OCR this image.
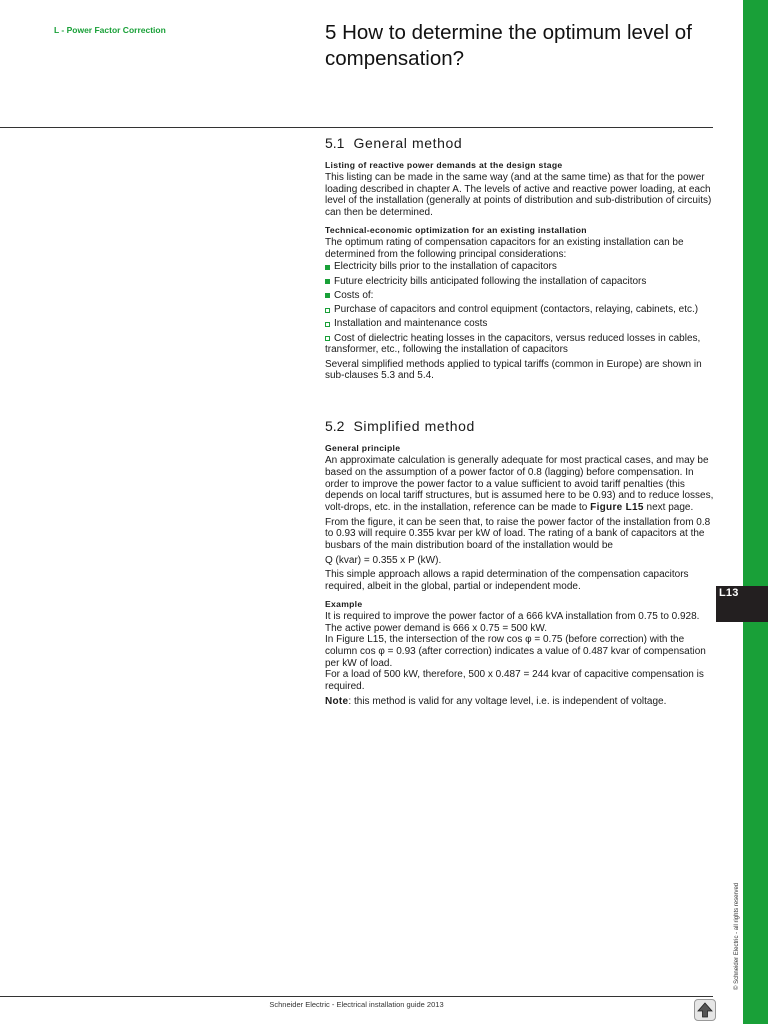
L13
L - Power Factor Correction	5 How to determine the optimum level of compensation?
5.1 General method
Listing of reactive power demands at the design stage

This listing can be made in the same way (and at the same time) as that for the power loading described in chapter A. The levels of active and reactive power loading, at each level of the installation (generally at points of distribution and sub-distribution of circuits) can then be determined.

Technical-economic optimization for an existing installation

The optimum rating of compensation capacitors for an existing installation can be determined from the following principal considerations:

Electricity bills prior to the installation of capacitors
Future electricity bills anticipated following the installation of capacitors
Costs of:
Purchase of capacitors and control equipment (contactors, relaying, cabinets, etc.)
Installation and maintenance costs
Cost of dielectric heating losses in the capacitors, versus reduced losses in cables, transformer, etc., following the installation of capacitors

Several simplified methods applied to typical tariffs (common in Europe) are shown in sub-clauses 5.3 and 5.4.

5.2 Simplified method
General principle

An approximate calculation is generally adequate for most practical cases, and may be based on the assumption of a power factor of 0.8 (lagging) before compensation. In order to improve the power factor to a value sufficient to avoid tariff penalties (this depends on local tariff structures, but is assumed here to be 0.93) and to reduce losses, volt-drops, etc. in the installation, reference can be made to Figure L15 next page.

From the figure, it can be seen that, to raise the power factor of the installation from 0.8 to 0.93 will require 0.355 kvar per kW of load. The rating of a bank of capacitors at the busbars of the main distribution board of the installation would be

Q (kvar) = 0.355 x P (kW).

This simple approach allows a rapid determination of the compensation capacitors required, albeit in the global, partial or independent mode.

Example

It is required to improve the power factor of a 666 kVA installation from 0.75 to 0.928. The active power demand is 666 x 0.75 = 500 kW.

In Figure L15, the intersection of the row cos φ = 0.75 (before correction) with the column cos φ = 0.93 (after correction) indicates a value of 0.487 kvar of compensation per kW of load.

For a load of 500 kW, therefore, 500 x 0.487 = 244 kvar of capacitive compensation is required.

Note: this method is valid for any voltage level, i.e. is independent of voltage.

Schneider Electric - Electrical installation guide 2013
© Schneider Electric - all rights reserved
